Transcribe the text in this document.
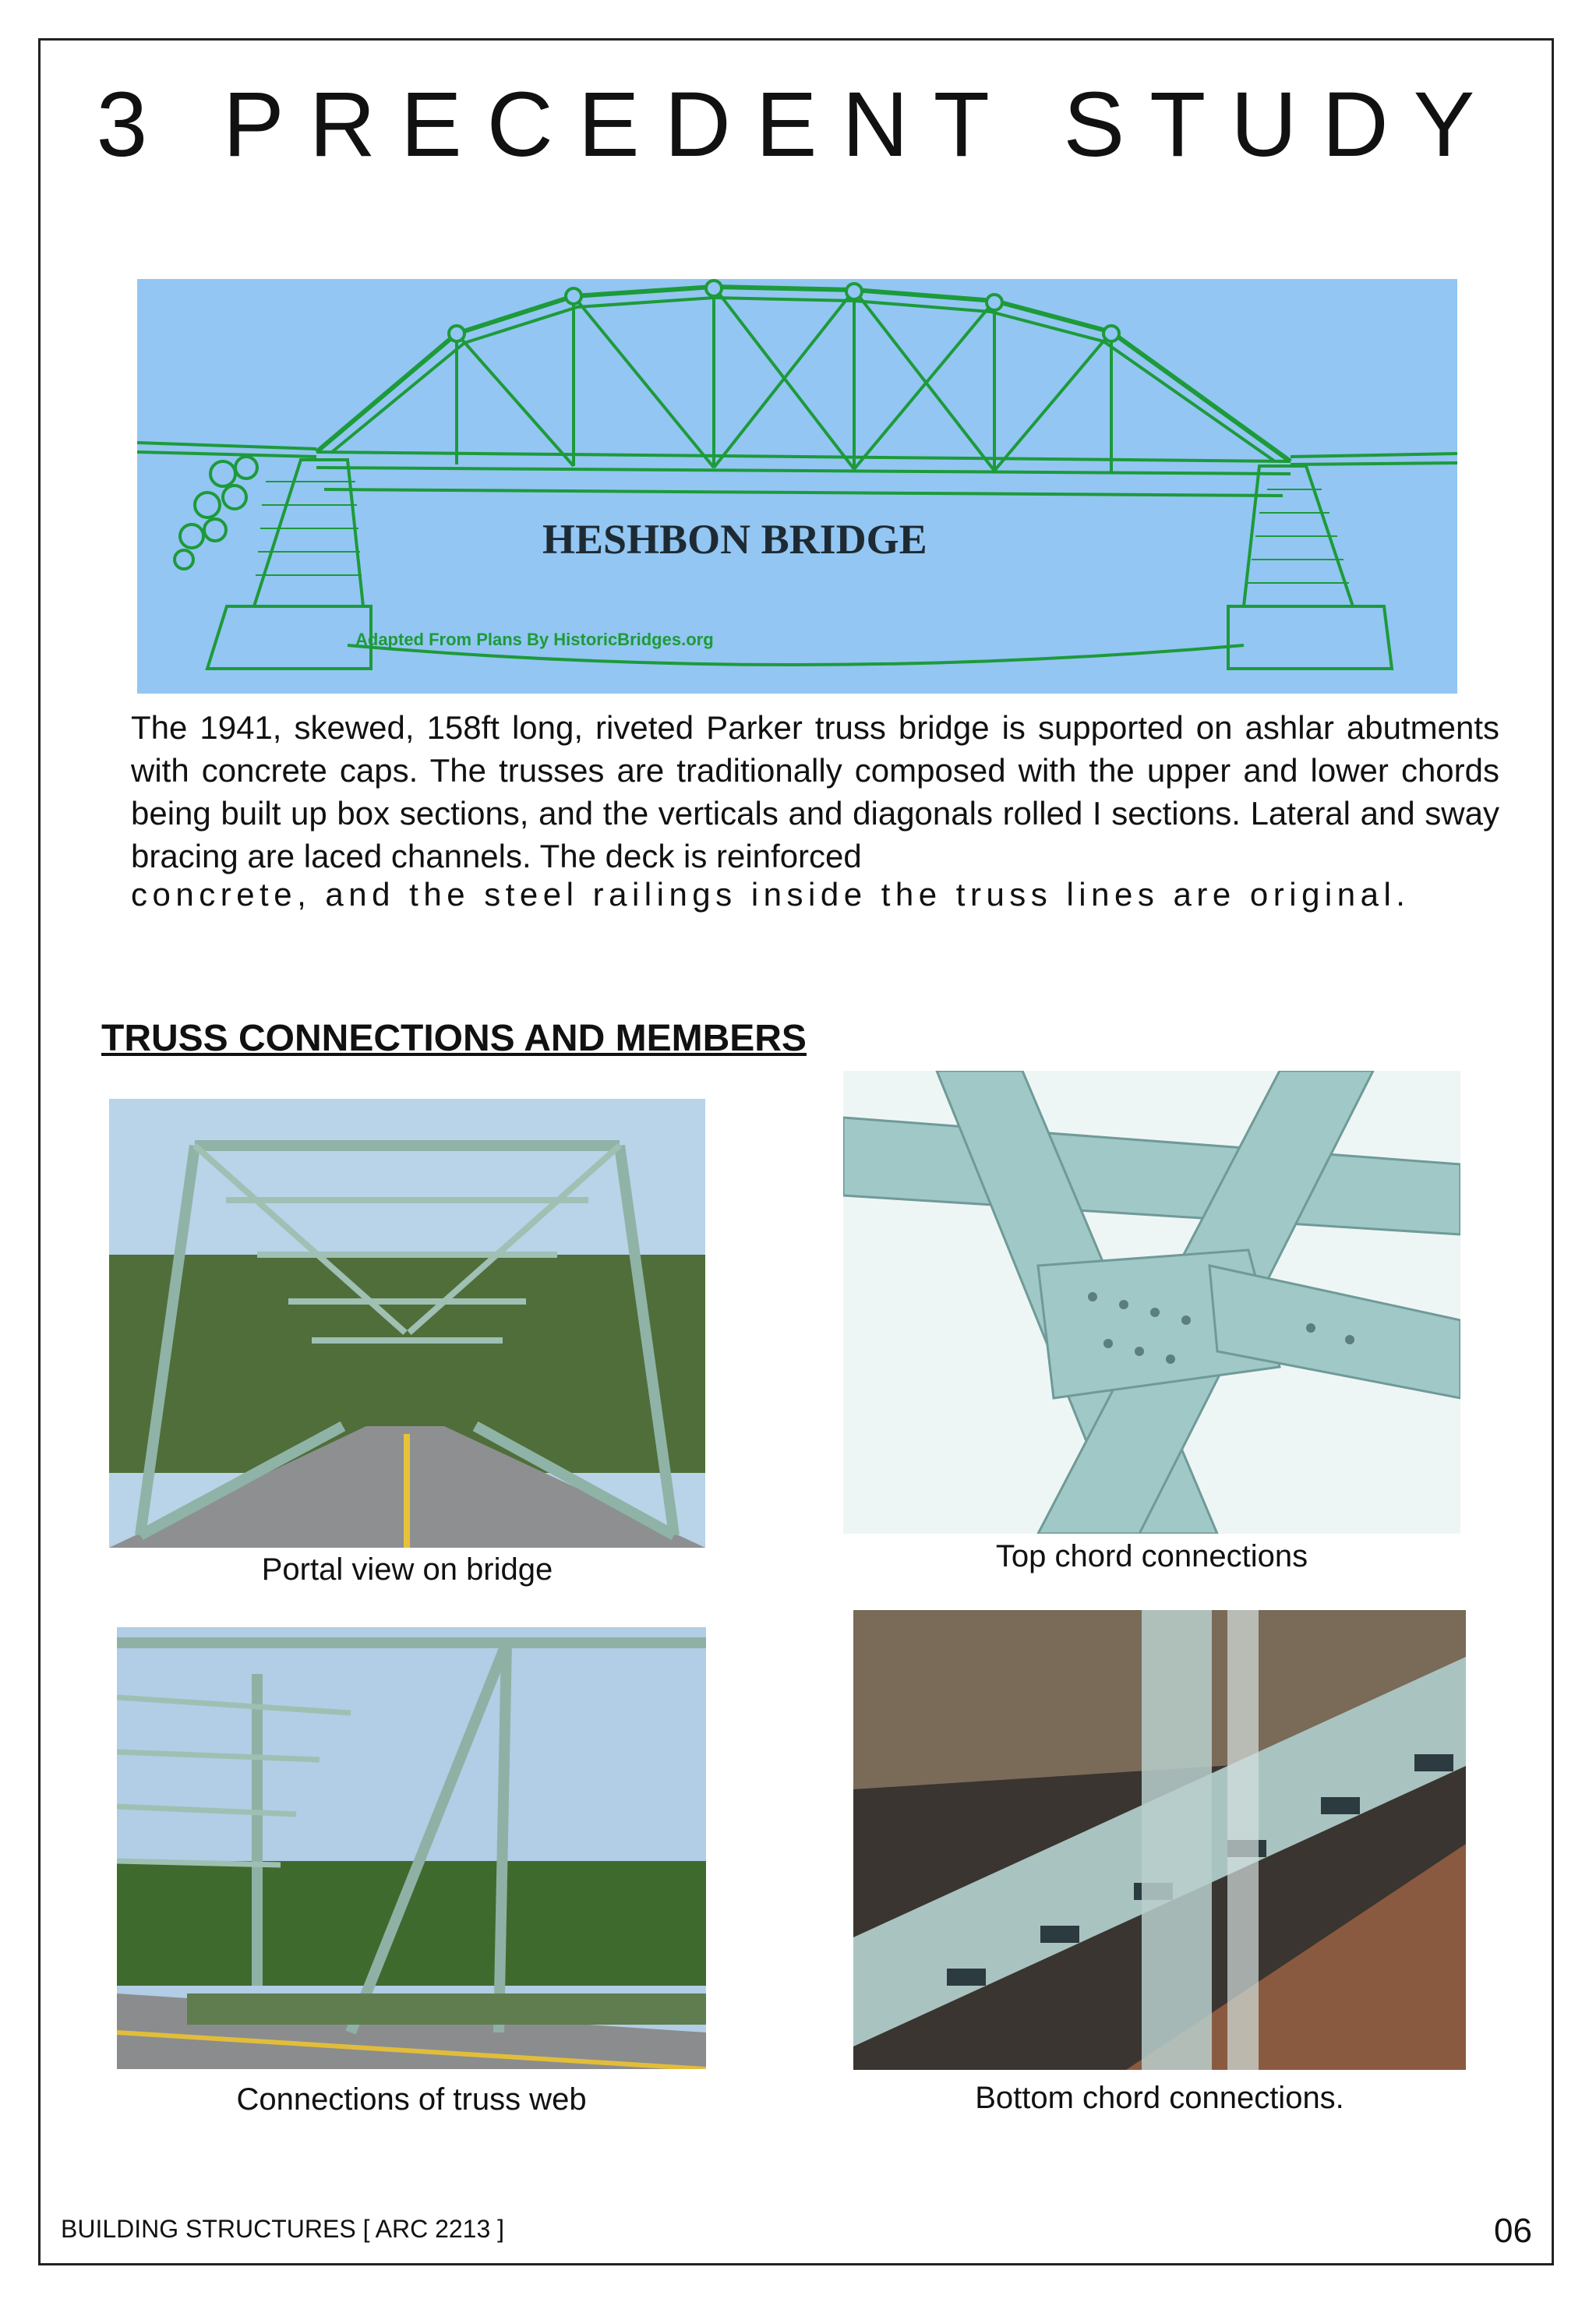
3 PRECEDENT STUDY
HESHBON BRIDGE
Adapted From Plans By HistoricBridges.org

The 1941, skewed, 158ft long, riveted Parker truss bridge is supported on ashlar abutments with concrete caps. The trusses are traditionally composed with the upper and lower chords being built up box sections, and the verticals and diagonals rolled I sections. Lateral and sway bracing are laced channels. The deck is reinforced

concrete, and the steel railings inside the truss lines are original.

TRUSS CONNECTIONS AND MEMBERS

Portal view on bridge	Top chord connections

Connections of truss web	Bottom chord connections.

BUILDING STRUCTURES [ ARC 2213 ]	06
